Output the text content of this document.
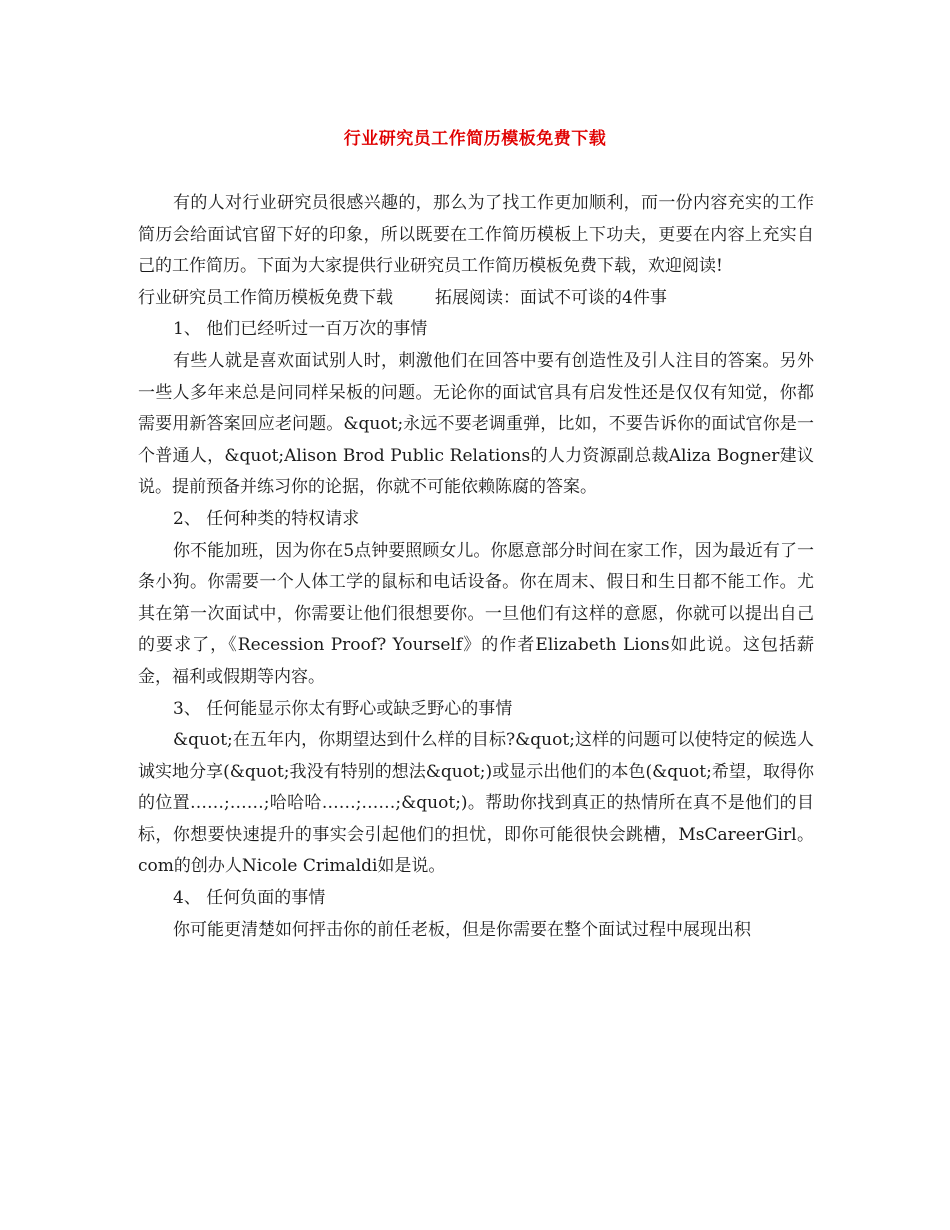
行业研究员工作简历模板免费下载

有的人对行业研究员很感兴趣的，那么为了找工作更加顺利，而一份内容充实的工作简历会给面试官留下好的印象，所以既要在工作简历模板上下功夫，更要在内容上充实自己的工作简历。下面为大家提供行业研究员工作简历模板免费下载，欢迎阅读!

行业研究员工作简历模板免费下载 拓展阅读：面试不可谈的4件事

1、 他们已经听过一百万次的事情

有些人就是喜欢面试别人时，刺激他们在回答中要有创造性及引人注目的答案。另外一些人多年来总是问同样呆板的问题。无论你的面试官具有启发性还是仅仅有知觉，你都需要用新答案回应老问题。&quot;永远不要老调重弹，比如，不要告诉你的面试官你是一个普通人，&quot;Alison Brod Public Relations的人力资源副总裁Aliza Bogner建议说。提前预备并练习你的论据，你就不可能依赖陈腐的答案。

2、 任何种类的特权请求

你不能加班，因为你在5点钟要照顾女儿。你愿意部分时间在家工作，因为最近有了一条小狗。你需要一个人体工学的鼠标和电话设备。你在周末、假日和生日都不能工作。尤其在第一次面试中，你需要让他们很想要你。一旦他们有这样的意愿，你就可以提出自己的要求了，《Recession Proof? Yourself》的作者Elizabeth Lions如此说。这包括薪金，福利或假期等内容。

3、 任何能显示你太有野心或缺乏野心的事情

&quot;在五年内，你期望达到什么样的目标?&quot;这样的问题可以使特定的候选人诚实地分享(&quot;我没有特别的想法&quot;)或显示出他们的本色(&quot;希望，取得你的位置……;……;哈哈哈……;……;&quot;)。帮助你找到真正的热情所在真不是他们的目标，你想要快速提升的事实会引起他们的担忧，即你可能很快会跳槽，MsCareerGirl。com的创办人Nicole Crimaldi如是说。

4、 任何负面的事情

你可能更清楚如何抨击你的前任老板，但是你需要在整个面试过程中展现出积
